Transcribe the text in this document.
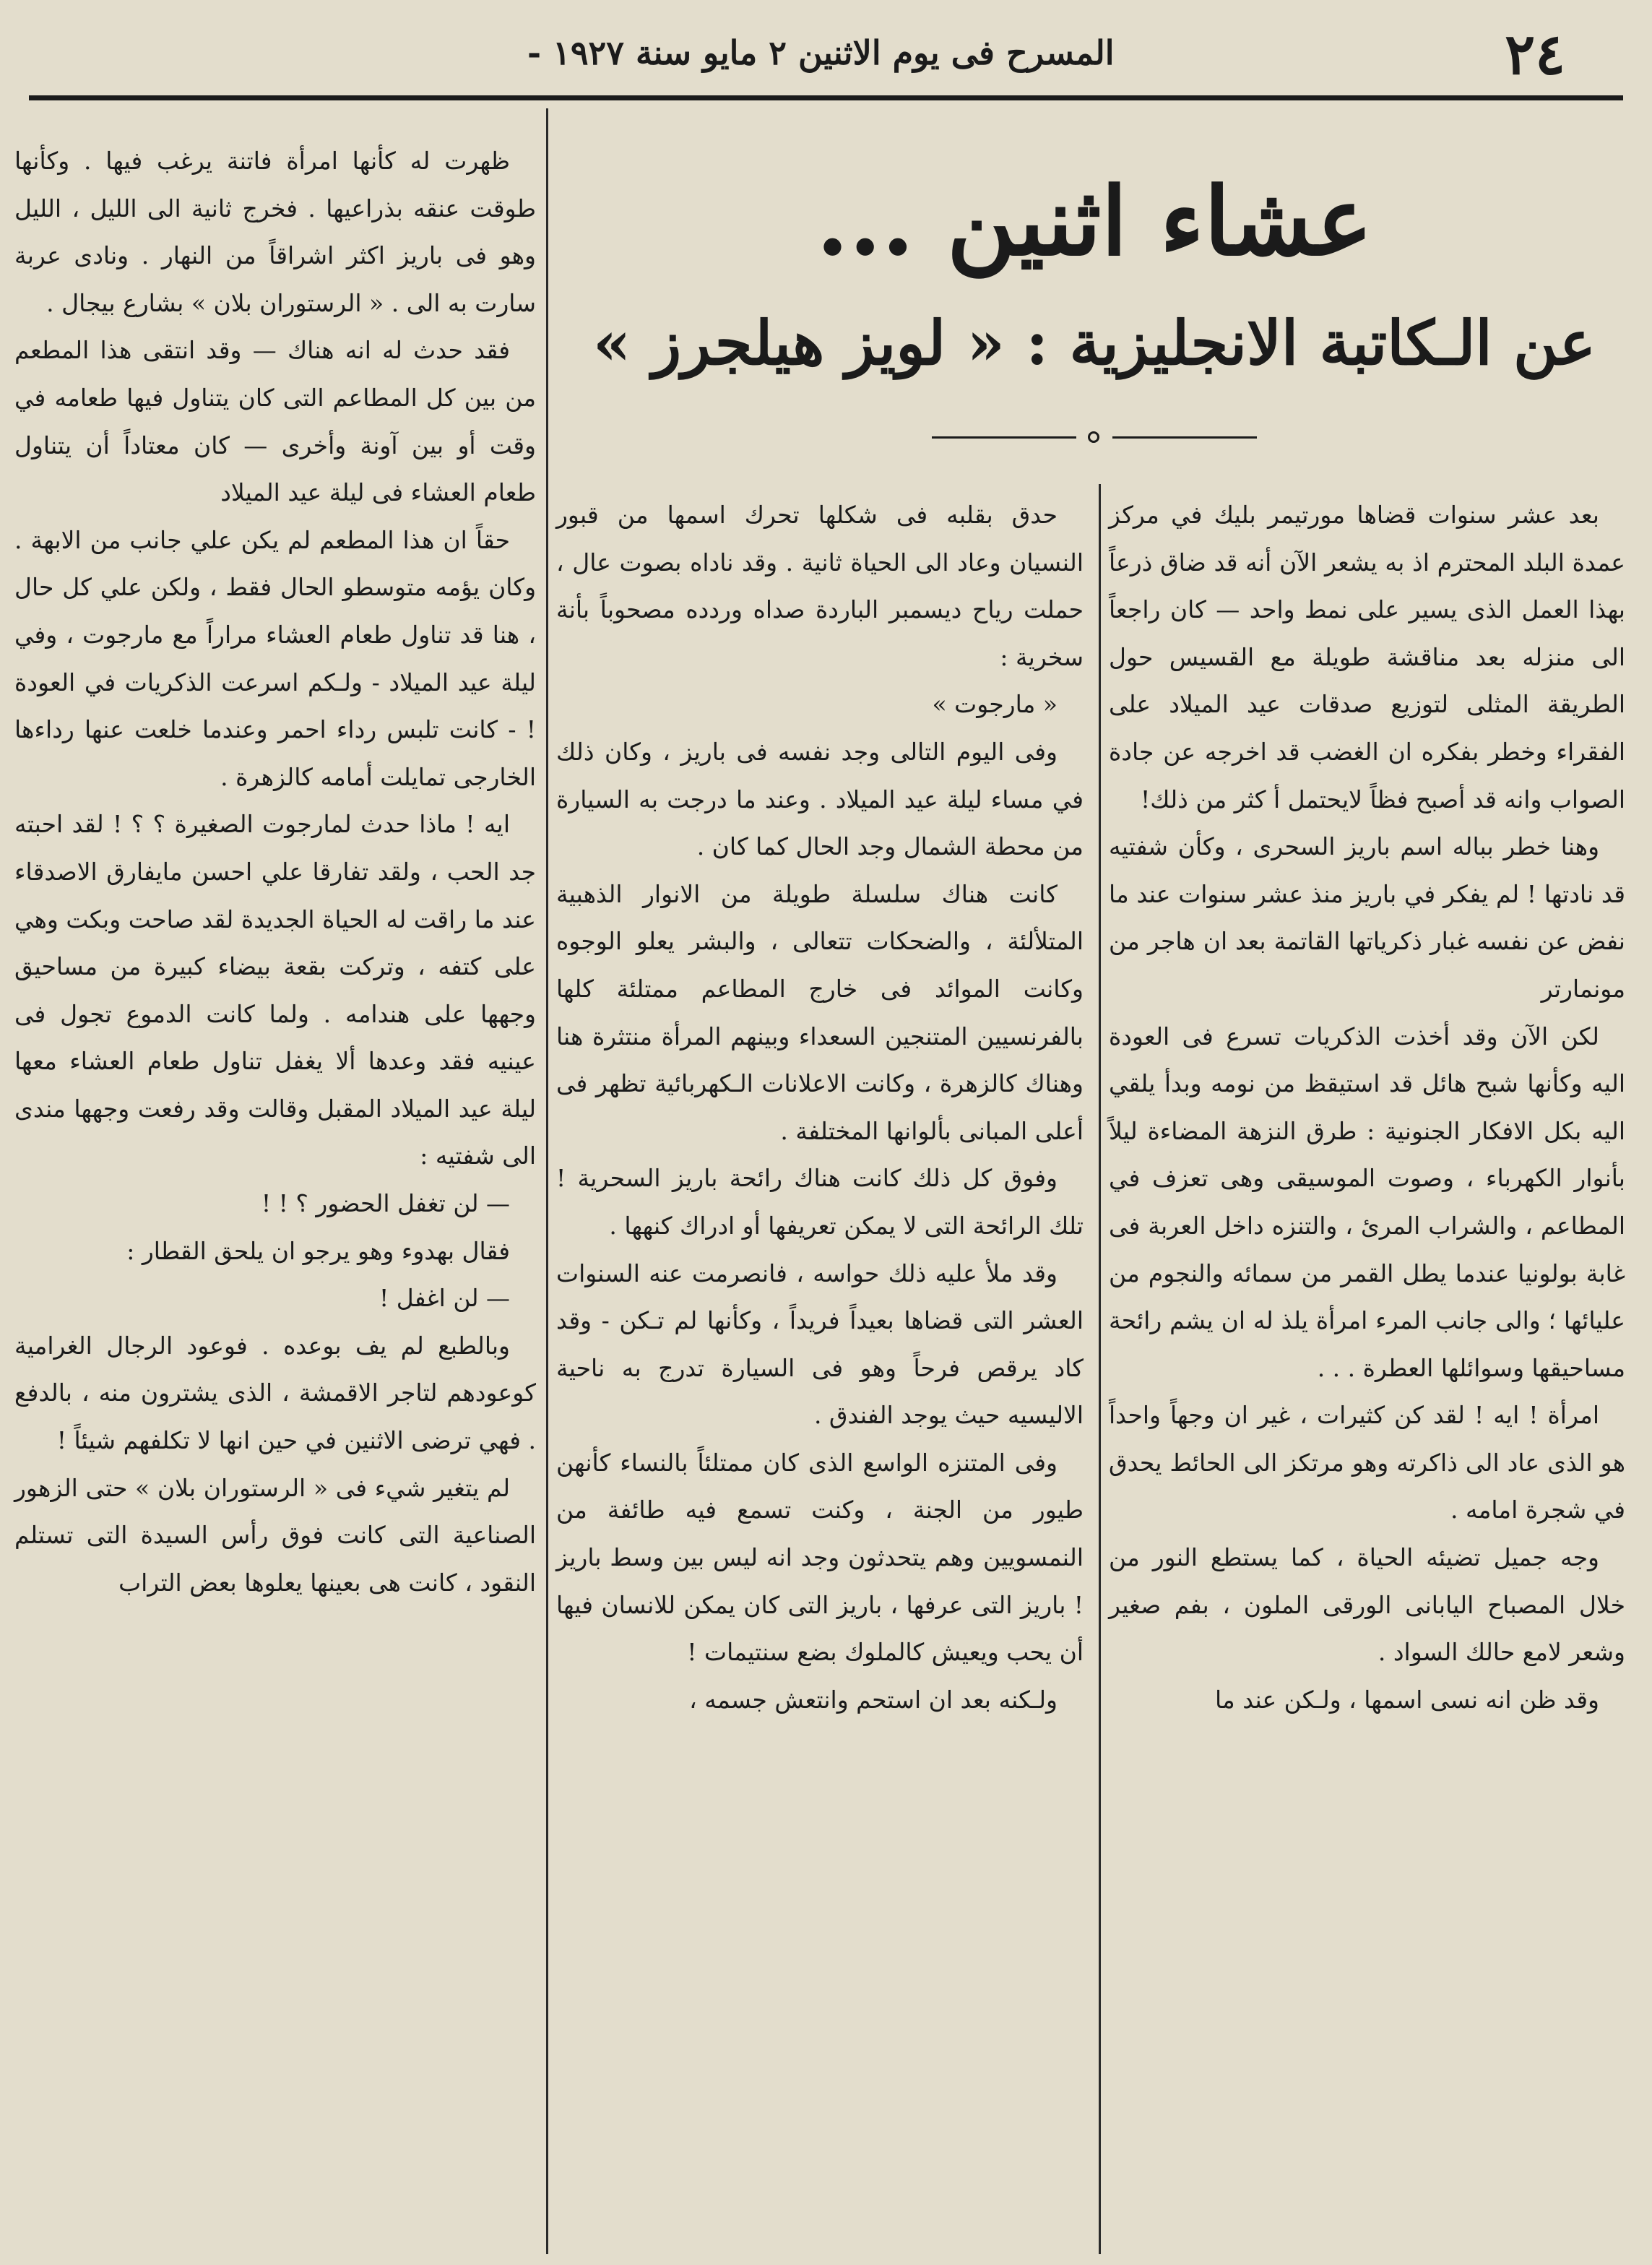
٢٤
المسرح فى يوم الاثنين ٢ مايو سنة ١٩٢٧ -
عشاء اثنين ...
عن الـكاتبة الانجليزية : « لويز هيلجرز »

بعد عشر سنوات قضاها مورتيمر بليك في مركز عمدة البلد المحترم اذ به يشعر الآن أنه قد ضاق ذرعاً بهذا العمل الذى يسير على نمط واحد — كان راجعاً الى منزله بعد مناقشة طويلة مع القسيس حول الطريقة المثلى لتوزيع صدقات عيد الميلاد على الفقراء وخطر بفكره ان الغضب قد اخرجه عن جادة الصواب وانه قد أصبح فظاً لايحتمل أ كثر من ذلك!

وهنا خطر بباله اسم باريز السحرى ، وكأن شفتيه قد نادتها ! لم يفكر في باريز منذ عشر سنوات عند ما نفض عن نفسه غبار ذكرياتها القاتمة بعد ان هاجر من مونمارتر

لكن الآن وقد أخذت الذكريات تسرع فى العودة اليه وكأنها شبح هائل قد استيقظ من نومه وبدأ يلقي اليه بكل الافكار الجنونية : طرق النزهة المضاءة ليلاً بأنوار الكهرباء ، وصوت الموسيقى وهى تعزف في المطاعم ، والشراب المرئ ، والتنزه داخل العربة فى غابة بولونيا عندما يطل القمر من سمائه والنجوم من عليائها ؛ والى جانب المرء امرأة يلذ له ان يشم رائحة مساحيقها وسوائلها العطرة . . .

امرأة ! ايه ! لقد كن كثيرات ، غير ان وجهاً واحداً هو الذى عاد الى ذاكرته وهو مرتكز الى الحائط يحدق في شجرة امامه .

وجه جميل تضيئه الحياة ، كما يستطع النور من خلال المصباح اليابانى الورقى الملون ، بفم صغير وشعر لامع حالك السواد .

وقد ظن انه نسى اسمها ، ولـكن عند ما

حدق بقلبه فى شكلها تحرك اسمها من قبور النسيان وعاد الى الحياة ثانية . وقد ناداه بصوت عال ، حملت رياح ديسمبر الباردة صداه وردده مصحوباً بأنة سخرية :

« مارجوت »

وفى اليوم التالى وجد نفسه فى باريز ، وكان ذلك في مساء ليلة عيد الميلاد . وعند ما درجت به السيارة من محطة الشمال وجد الحال كما كان .

كانت هناك سلسلة طويلة من الانوار الذهبية المتلألئة ، والضحكات تتعالى ، والبشر يعلو الوجوه وكانت الموائد فى خارج المطاعم ممتلئة كلها بالفرنسيين المتنجين السعداء وبينهم المرأة منتثرة هنا وهناك كالزهرة ، وكانت الاعلانات الـكهربائية تظهر فى أعلى المبانى بألوانها المختلفة .

وفوق كل ذلك كانت هناك رائحة باريز السحرية ! تلك الرائحة التى لا يمكن تعريفها أو ادراك كنهها .

وقد ملأ عليه ذلك حواسه ، فانصرمت عنه السنوات العشر التى قضاها بعيداً فريداً ، وكأنها لم تـكن - وقد كاد يرقص فرحاً وهو فى السيارة تدرج به ناحية الاليسيه حيث يوجد الفندق .

وفى المتنزه الواسع الذى كان ممتلئاً بالنساء كأنهن طيور من الجنة ، وكنت تسمع فيه طائفة من النمسويين وهم يتحدثون وجد انه ليس بين وسط باريز ! باريز التى عرفها ، باريز التى كان يمكن للانسان فيها أن يحب ويعيش كالملوك بضع سنتيمات !

ولـكنه بعد ان استحم وانتعش جسمه ،

ظهرت له كأنها امرأة فاتنة يرغب فيها . وكأنها طوقت عنقه بذراعيها . فخرج ثانية الى الليل ، الليل وهو فى باريز اكثر اشراقاً من النهار . ونادى عربة سارت به الى . « الرستوران بلان » بشارع بيجال .

فقد حدث له انه هناك — وقد انتقى هذا المطعم من بين كل المطاعم التى كان يتناول فيها طعامه في وقت أو بين آونة وأخرى — كان معتاداً أن يتناول طعام العشاء فى ليلة عيد الميلاد

حقاً ان هذا المطعم لم يكن علي جانب من الابهة . وكان يؤمه متوسطو الحال فقط ، ولكن علي كل حال ، هنا قد تناول طعام العشاء مراراً مع مارجوت ، وفي ليلة عيد الميلاد - ولـكم اسرعت الذكريات في العودة ! - كانت تلبس رداء احمر وعندما خلعت عنها رداءها الخارجى تمايلت أمامه كالزهرة .

ايه ! ماذا حدث لمارجوت الصغيرة ؟ ؟ ! لقد احبته جد الحب ، ولقد تفارقا علي احسن مايفارق الاصدقاء عند ما راقت له الحياة الجديدة لقد صاحت وبكت وهي على كتفه ، وتركت بقعة بيضاء كبيرة من مساحيق وجهها على هندامه . ولما كانت الدموع تجول فى عينيه فقد وعدها ألا يغفل تناول طعام العشاء معها ليلة عيد الميلاد المقبل وقالت وقد رفعت وجهها مندى الى شفتيه :

— لن تغفل الحضور ؟ ! !

فقال بهدوء وهو يرجو ان يلحق القطار :

— لن اغفل !

وبالطبع لم يف بوعده . فوعود الرجال الغرامية كوعودهم لتاجر الاقمشة ، الذى يشترون منه ، بالدفع . فهي ترضى الاثنين في حين انها لا تكلفهم شيئاً !

لم يتغير شيء فى « الرستوران بلان » حتى الزهور الصناعية التى كانت فوق رأس السيدة التى تستلم النقود ، كانت هى بعينها يعلوها بعض التراب
